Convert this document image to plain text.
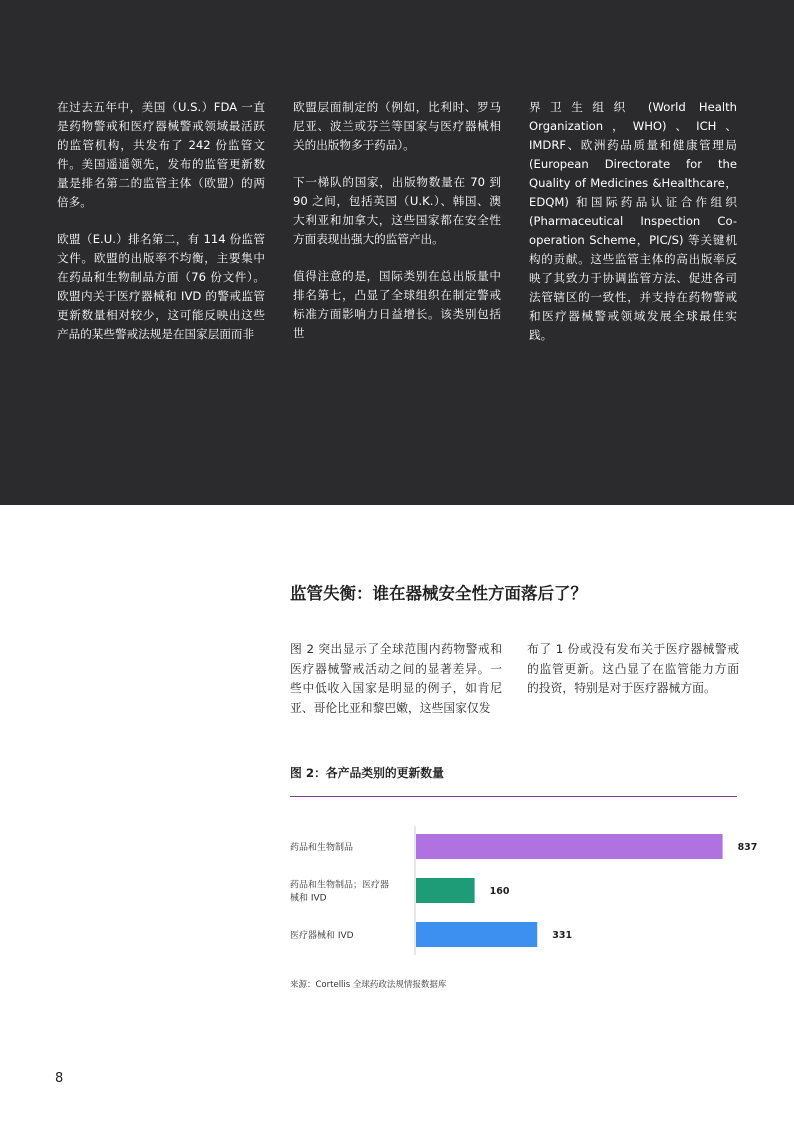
在过去五年中，美国（U.S.）FDA 一直是药物警戒和医疗器械警戒领域最活跃的监管机构，共发布了 242 份监管文件。美国遥遥领先，发布的监管更新数量是排名第二的监管主体（欧盟）的两倍多。

欧盟（E.U.）排名第二，有 114 份监管文件。欧盟的出版率不均衡，主要集中在药品和生物制品方面（76 份文件）。欧盟内关于医疗器械和 IVD 的警戒监管更新数量相对较少，这可能反映出这些产品的某些警戒法规是在国家层面而非

欧盟层面制定的（例如，比利时、罗马尼亚、波兰或芬兰等国家与医疗器械相关的出版物多于药品）。

下一梯队的国家，出版物数量在 70 到 90 之间，包括英国（U.K.）、韩国、澳大利亚和加拿大，这些国家都在安全性方面表现出强大的监管产出。

值得注意的是，国际类别在总出版量中排名第七，凸显了全球组织在制定警戒标准方面影响力日益增长。该类别包括世

界卫生组织 (World Health Organization，WHO)、ICH、IMDRF、欧洲药品质量和健康管理局 (European Directorate for the Quality of Medicines &Healthcare，EDQM) 和国际药品认证合作组织 (Pharmaceutical Inspection Co-operation Scheme，PIC/S) 等关键机构的贡献。这些监管主体的高出版率反映了其致力于协调监管方法、促进各司法管辖区的一致性，并支持在药物警戒和医疗器械警戒领域发展全球最佳实践。

监管失衡：谁在器械安全性方面落后了？
图 2 突出显示了全球范围内药物警戒和医疗器械警戒活动之间的显著差异。一些中低收入国家是明显的例子，如肯尼亚、哥伦比亚和黎巴嫩，这些国家仅发
布了 1 份或没有发布关于医疗器械警戒的监管更新。这凸显了在监管能力方面的投资，特别是对于医疗器械方面。
图 2：各产品类别的更新数量
837
药品和生物制品
160
药品和生物制品；医疗器械和 IVD
331
医疗器械和 IVD
来源：Cortellis 全球药政法规情报数据库
8
